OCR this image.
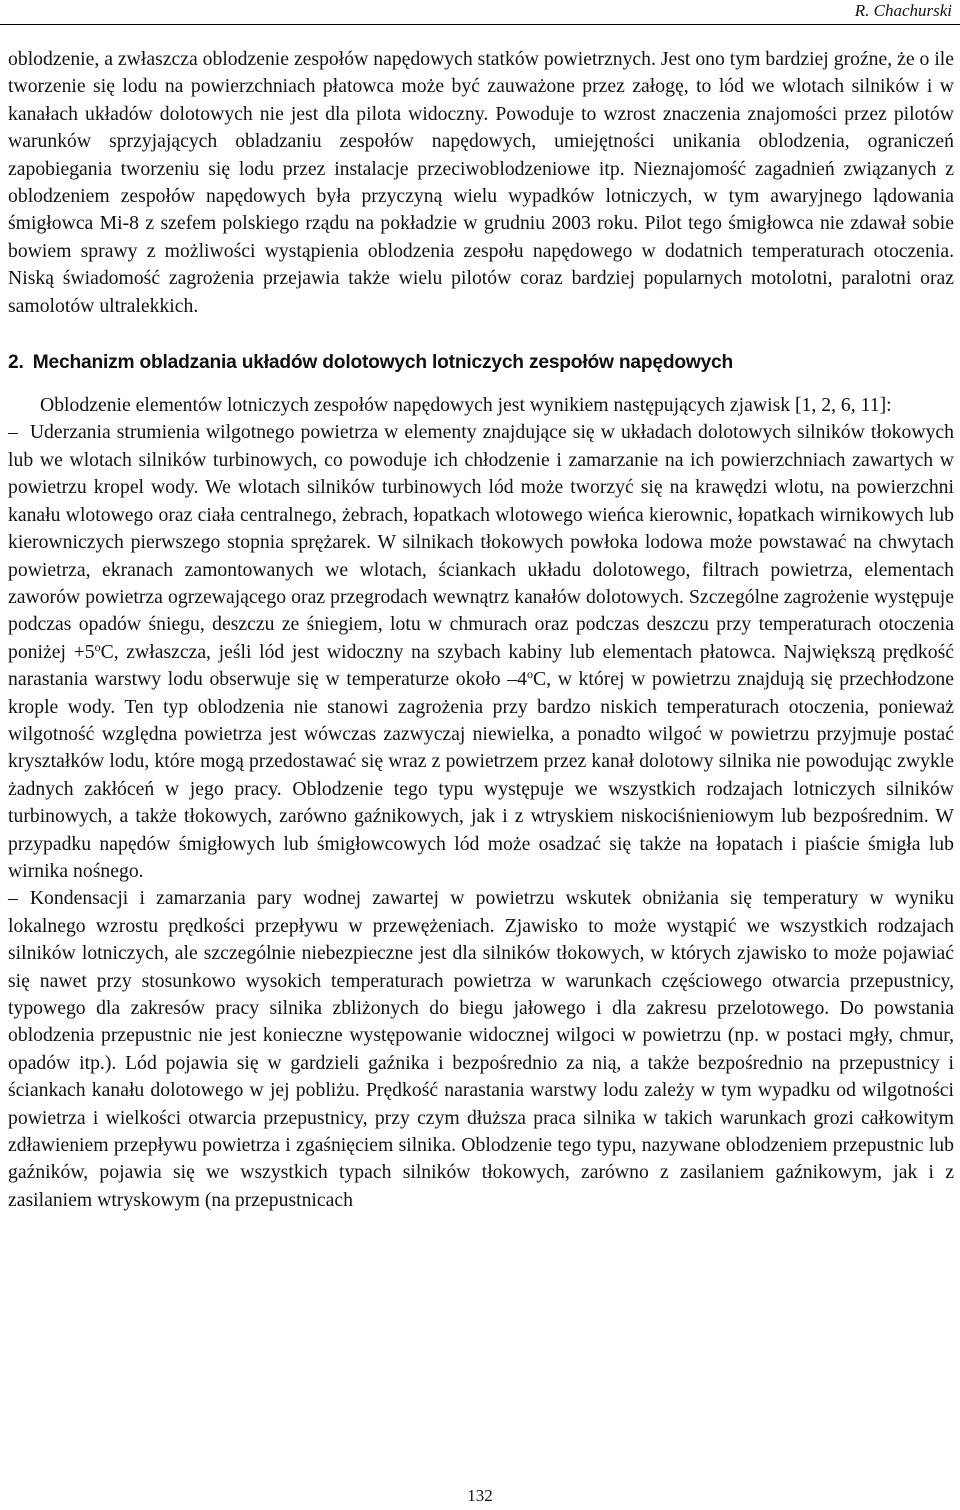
R. Chachurski

oblodzenie, a zwłaszcza oblodzenie zespołów napędowych statków powietrznych. Jest ono tym bardziej groźne, że o ile tworzenie się lodu na powierzchniach płatowca może być zauważone przez załogę, to lód we wlotach silników i w kanałach układów dolotowych nie jest dla pilota widoczny. Powoduje to wzrost znaczenia znajomości przez pilotów warunków sprzyjających obladzaniu zespołów napędowych, umiejętności unikania oblodzenia, ograniczeń zapobiegania tworzeniu się lodu przez instalacje przeciwoblodzeniowe itp. Nieznajomość zagadnień związanych z oblodzeniem zespołów napędowych była przyczyną wielu wypadków lotniczych, w tym awaryjnego lądowania śmigłowca Mi-8 z szefem polskiego rządu na pokładzie w grudniu 2003 roku. Pilot tego śmigłowca nie zdawał sobie bowiem sprawy z możliwości wystąpienia oblodzenia zespołu napędowego w dodatnich temperaturach otoczenia. Niską świadomość zagrożenia przejawia także wielu pilotów coraz bardziej popularnych motolotni, paralotni oraz samolotów ultralekkich.

2. Mechanizm obladzania układów dolotowych lotniczych zespołów napędowych

Oblodzenie elementów lotniczych zespołów napędowych jest wynikiem następujących zjawisk [1, 2, 6, 11]:

– Uderzania strumienia wilgotnego powietrza w elementy znajdujące się w układach dolotowych silników tłokowych lub we wlotach silników turbinowych, co powoduje ich chłodzenie i zamarzanie na ich powierzchniach zawartych w powietrzu kropel wody. We wlotach silników turbinowych lód może tworzyć się na krawędzi wlotu, na powierzchni kanału wlotowego oraz ciała centralnego, żebrach, łopatkach wlotowego wieńca kierownic, łopatkach wirnikowych lub kierowniczych pierwszego stopnia sprężarek. W silnikach tłokowych powłoka lodowa może powstawać na chwytach powietrza, ekranach zamontowanych we wlotach, ściankach układu dolotowego, filtrach powietrza, elementach zaworów powietrza ogrzewającego oraz przegrodach wewnątrz kanałów dolotowych. Szczególne zagrożenie występuje podczas opadów śniegu, deszczu ze śniegiem, lotu w chmurach oraz podczas deszczu przy temperaturach otoczenia poniżej $+5^oC$, zwłaszcza, jeśli lód jest widoczny na szybach kabiny lub elementach płatowca. Największą prędkość narastania warstwy lodu obserwuje się w temperaturze około –4$^o$C, w której w powietrzu znajdują się przechłodzone krople wody. Ten typ oblodzenia nie stanowi zagrożenia przy bardzo niskich temperaturach otoczenia, ponieważ wilgotność względna powietrza jest wówczas zazwyczaj niewielka, a ponadto wilgoć w powietrzu przyjmuje postać kryształków lodu, które mogą przedostawać się wraz z powietrzem przez kanał dolotowy silnika nie powodując zwykle żadnych zakłóceń w jego pracy. Oblodzenie tego typu występuje we wszystkich rodzajach lotniczych silników turbinowych, a także tłokowych, zarówno gaźnikowych, jak i z wtryskiem niskociśnieniowym lub bezpośrednim. W przypadku napędów śmigłowych lub śmigłowcowych lód może osadzać się także na łopatach i piaście śmigła lub wirnika nośnego.

– Kondensacji i zamarzania pary wodnej zawartej w powietrzu wskutek obniżania się temperatury w wyniku lokalnego wzrostu prędkości przepływu w przewężeniach. Zjawisko to może wystąpić we wszystkich rodzajach silników lotniczych, ale szczególnie niebezpieczne jest dla silników tłokowych, w których zjawisko to może pojawiać się nawet przy stosunkowo wysokich temperaturach powietrza w warunkach częściowego otwarcia przepustnicy, typowego dla zakresów pracy silnika zbliżonych do biegu jałowego i dla zakresu przelotowego. Do powstania oblodzenia przepustnic nie jest konieczne występowanie widocznej wilgoci w powietrzu (np. w postaci mgły, chmur, opadów itp.). Lód pojawia się w gardzieli gaźnika i bezpośrednio za nią, a także bezpośrednio na przepustnicy i ściankach kanału dolotowego w jej pobliżu. Prędkość narastania warstwy lodu zależy w tym wypadku od wilgotności powietrza i wielkości otwarcia przepustnicy, przy czym dłuższa praca silnika w takich warunkach grozi całkowitym zdławieniem przepływu powietrza i zgaśnięciem silnika. Oblodzenie tego typu, nazywane oblodzeniem przepustnic lub gaźników, pojawia się we wszystkich typach silników tłokowych, zarówno z zasilaniem gaźnikowym, jak i z zasilaniem wtryskowym (na przepustnicach

132
